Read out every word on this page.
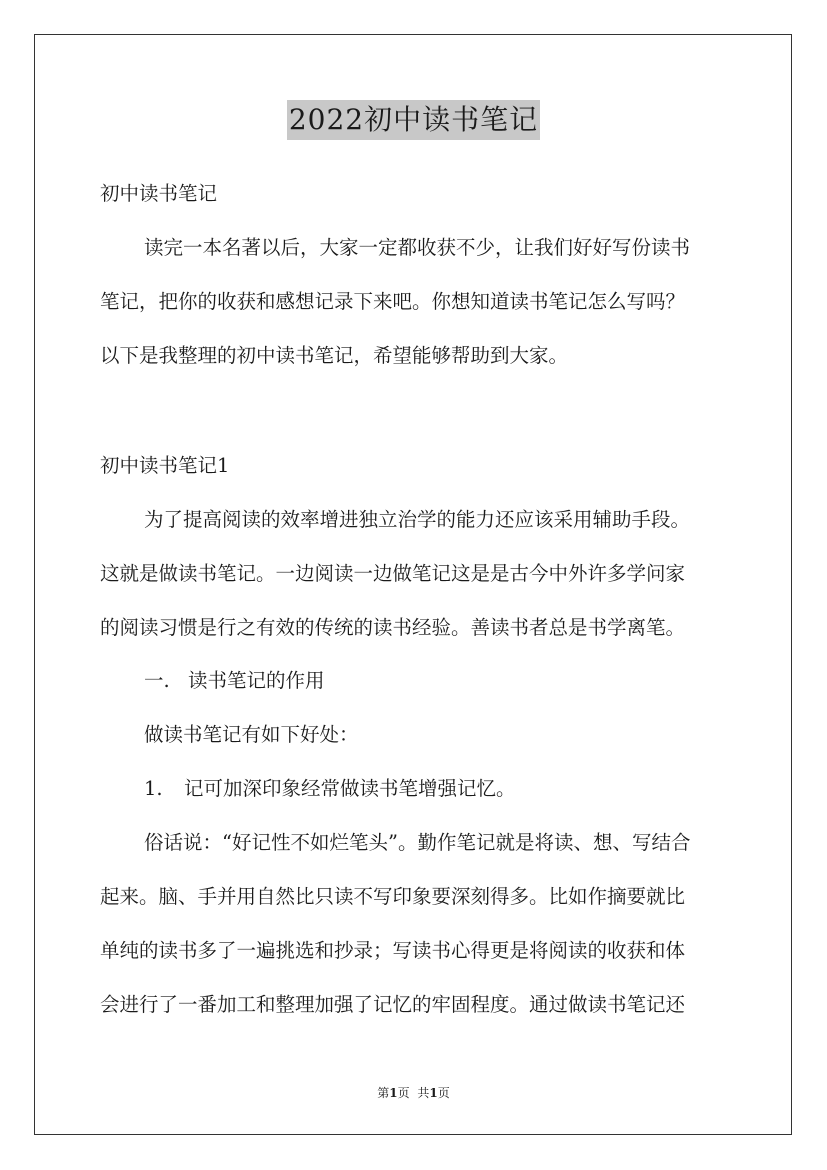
2022初中读书笔记
初中读书笔记
读完一本名著以后，大家一定都收获不少，让我们好好写份读书
笔记，把你的收获和感想记录下来吧。你想知道读书笔记怎么写吗？
以下是我整理的初中读书笔记，希望能够帮助到大家。
初中读书笔记1
为了提高阅读的效率增进独立治学的能力还应该采用辅助手段。
这就是做读书笔记。一边阅读一边做笔记这是是古今中外许多学问家
的阅读习惯是行之有效的传统的读书经验。善读书者总是书学离笔。
一. 读书笔记的作用
做读书笔记有如下好处：
1. 记可加深印象经常做读书笔增强记忆。
俗话说：“好记性不如烂笔头”。勤作笔记就是将读、想、写结合
起来。脑、手并用自然比只读不写印象要深刻得多。比如作摘要就比
单纯的读书多了一遍挑选和抄录；写读书心得更是将阅读的收获和体
会进行了一番加工和整理加强了记忆的牢固程度。通过做读书笔记还
第1页 共1页
